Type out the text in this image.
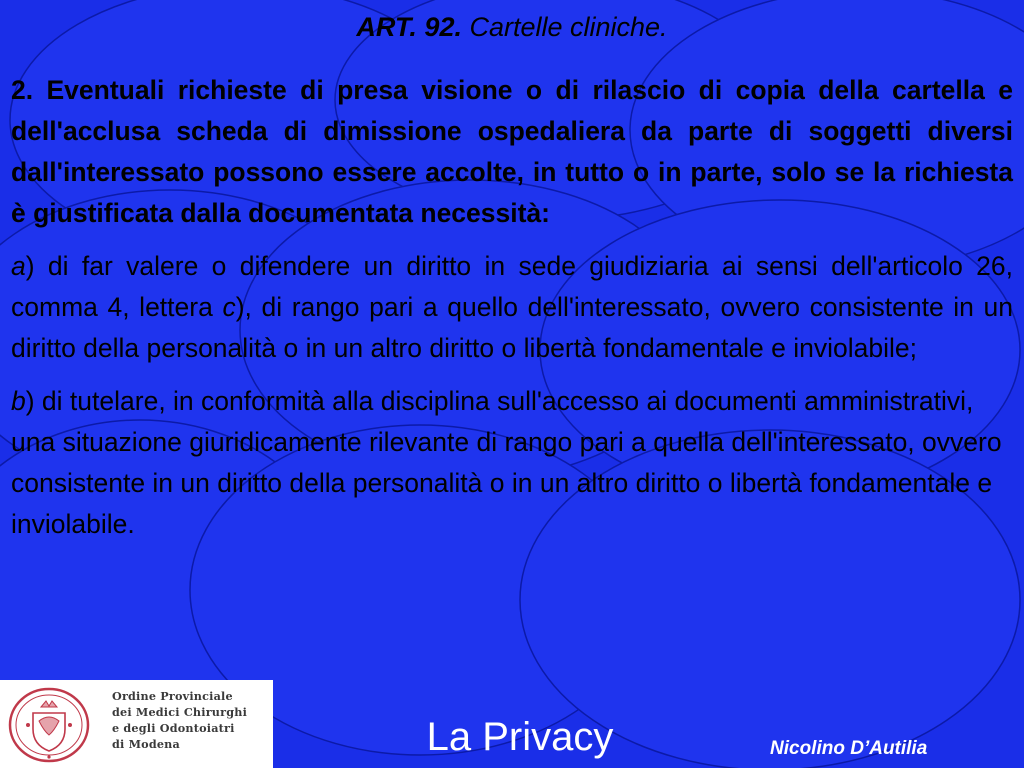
ART. 92. Cartelle cliniche.

2. Eventuali richieste di presa visione o di rilascio di copia della cartella e dell'acclusa scheda di dimissione ospedaliera da parte di soggetti diversi dall'interessato possono essere accolte, in tutto o in parte, solo se la richiesta è giustificata dalla documentata necessità:

a) di far valere o difendere un diritto in sede giudiziaria ai sensi dell'articolo 26, comma 4, lettera c), di rango pari a quello dell'interessato, ovvero consistente in un diritto della personalità o in un altro diritto o libertà fondamentale e inviolabile;

b) di tutelare, in conformità alla disciplina sull'accesso ai documenti amministrativi, una situazione giuridicamente rilevante di rango pari a quella dell'interessato, ovvero consistente in un diritto della personalità o in un altro diritto o libertà fondamentale e inviolabile.

Ordine Provinciale
dei Medici Chirurghi
e degli Odontoiatri
di Modena	La Privacy	Nicolino D’Autilia
